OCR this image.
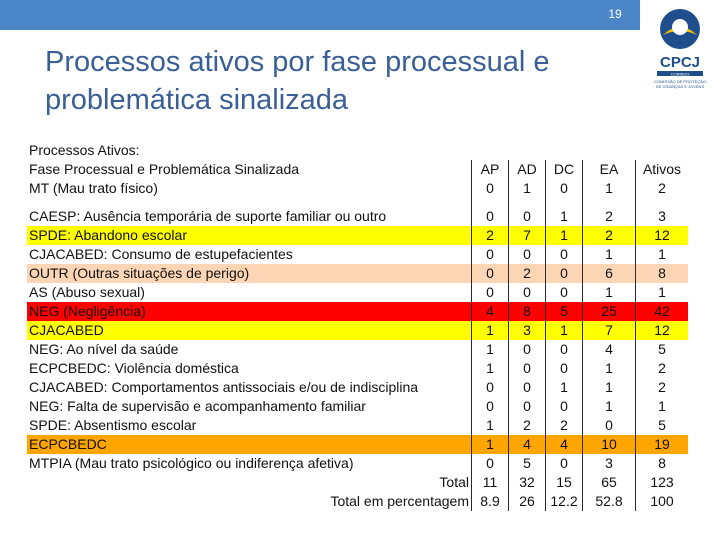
19
CPCJ
CORREIO
COMISSÃO DE PROTEÇÃO
DE CRIANÇAS E JOVENS
Processos ativos por fase processual e
problemática sinalizada
Processos Ativos:					
Fase Processual e Problemática Sinalizada	AP	AD	DC	EA	Ativos
MT (Mau trato físico)	0	1	0	1	2

CAESP: Ausência temporária de suporte familiar ou outro	0	0	1	2	3
SPDE: Abandono escolar	2	7	1	2	12
CJACABED: Consumo de estupefacientes	0	0	0	1	1
OUTR (Outras situações de perigo)	0	2	0	6	8
AS (Abuso sexual)	0	0	0	1	1
NEG (Negligência)	4	8	5	25	42
CJACABED	1	3	1	7	12
NEG: Ao nível da saúde	1	0	0	4	5
ECPCBEDC: Violência doméstica	1	0	0	1	2
CJACABED: Comportamentos antissociais e/ou de indisciplina	0	0	1	1	2
NEG: Falta de supervisão e acompanhamento familiar	0	0	0	1	1
SPDE: Absentismo escolar	1	2	2	0	5
ECPCBEDC	1	4	4	10	19
MTPIA (Mau trato psicológico ou indiferença afetiva)	0	5	0	3	8
Total	11	32	15	65	123
Total em percentagem	8.9	26	12.2	52.8	100
